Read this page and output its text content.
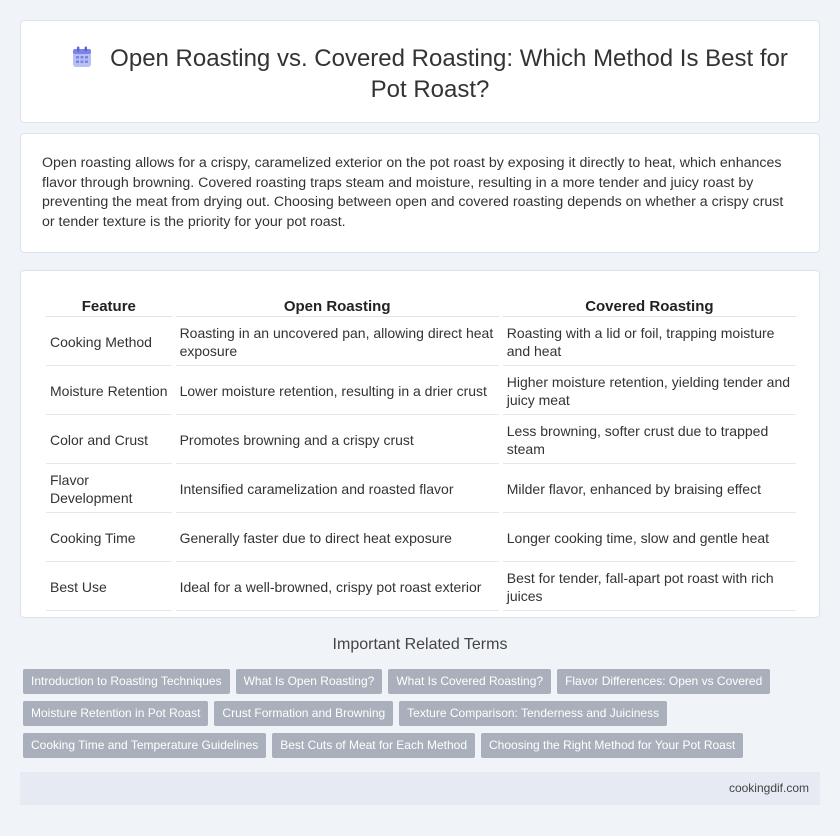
Open Roasting vs. Covered Roasting: Which Method Is Best for Pot Roast?

Open roasting allows for a crispy, caramelized exterior on the pot roast by exposing it directly to heat, which enhances flavor through browning. Covered roasting traps steam and moisture, resulting in a more tender and juicy roast by preventing the meat from drying out. Choosing between open and covered roasting depends on whether a crispy crust or tender texture is the priority for your pot roast.

Feature	Open Roasting	Covered Roasting
Cooking Method	Roasting in an uncovered pan, allowing direct heat exposure	Roasting with a lid or foil, trapping moisture and heat
Moisture Retention	Lower moisture retention, resulting in a drier crust	Higher moisture retention, yielding tender and juicy meat
Color and Crust	Promotes browning and a crispy crust	Less browning, softer crust due to trapped steam
Flavor Development	Intensified caramelization and roasted flavor	Milder flavor, enhanced by braising effect
Cooking Time	Generally faster due to direct heat exposure	Longer cooking time, slow and gentle heat
Best Use	Ideal for a well-browned, crispy pot roast exterior	Best for tender, fall-apart pot roast with rich juices
Important Related Terms
Introduction to Roasting Techniques What Is Open Roasting? What Is Covered Roasting? Flavor Differences: Open vs Covered
Moisture Retention in Pot Roast Crust Formation and Browning Texture Comparison: Tenderness and Juiciness
Cooking Time and Temperature Guidelines Best Cuts of Meat for Each Method Choosing the Right Method for Your Pot Roast
cookingdif.com
